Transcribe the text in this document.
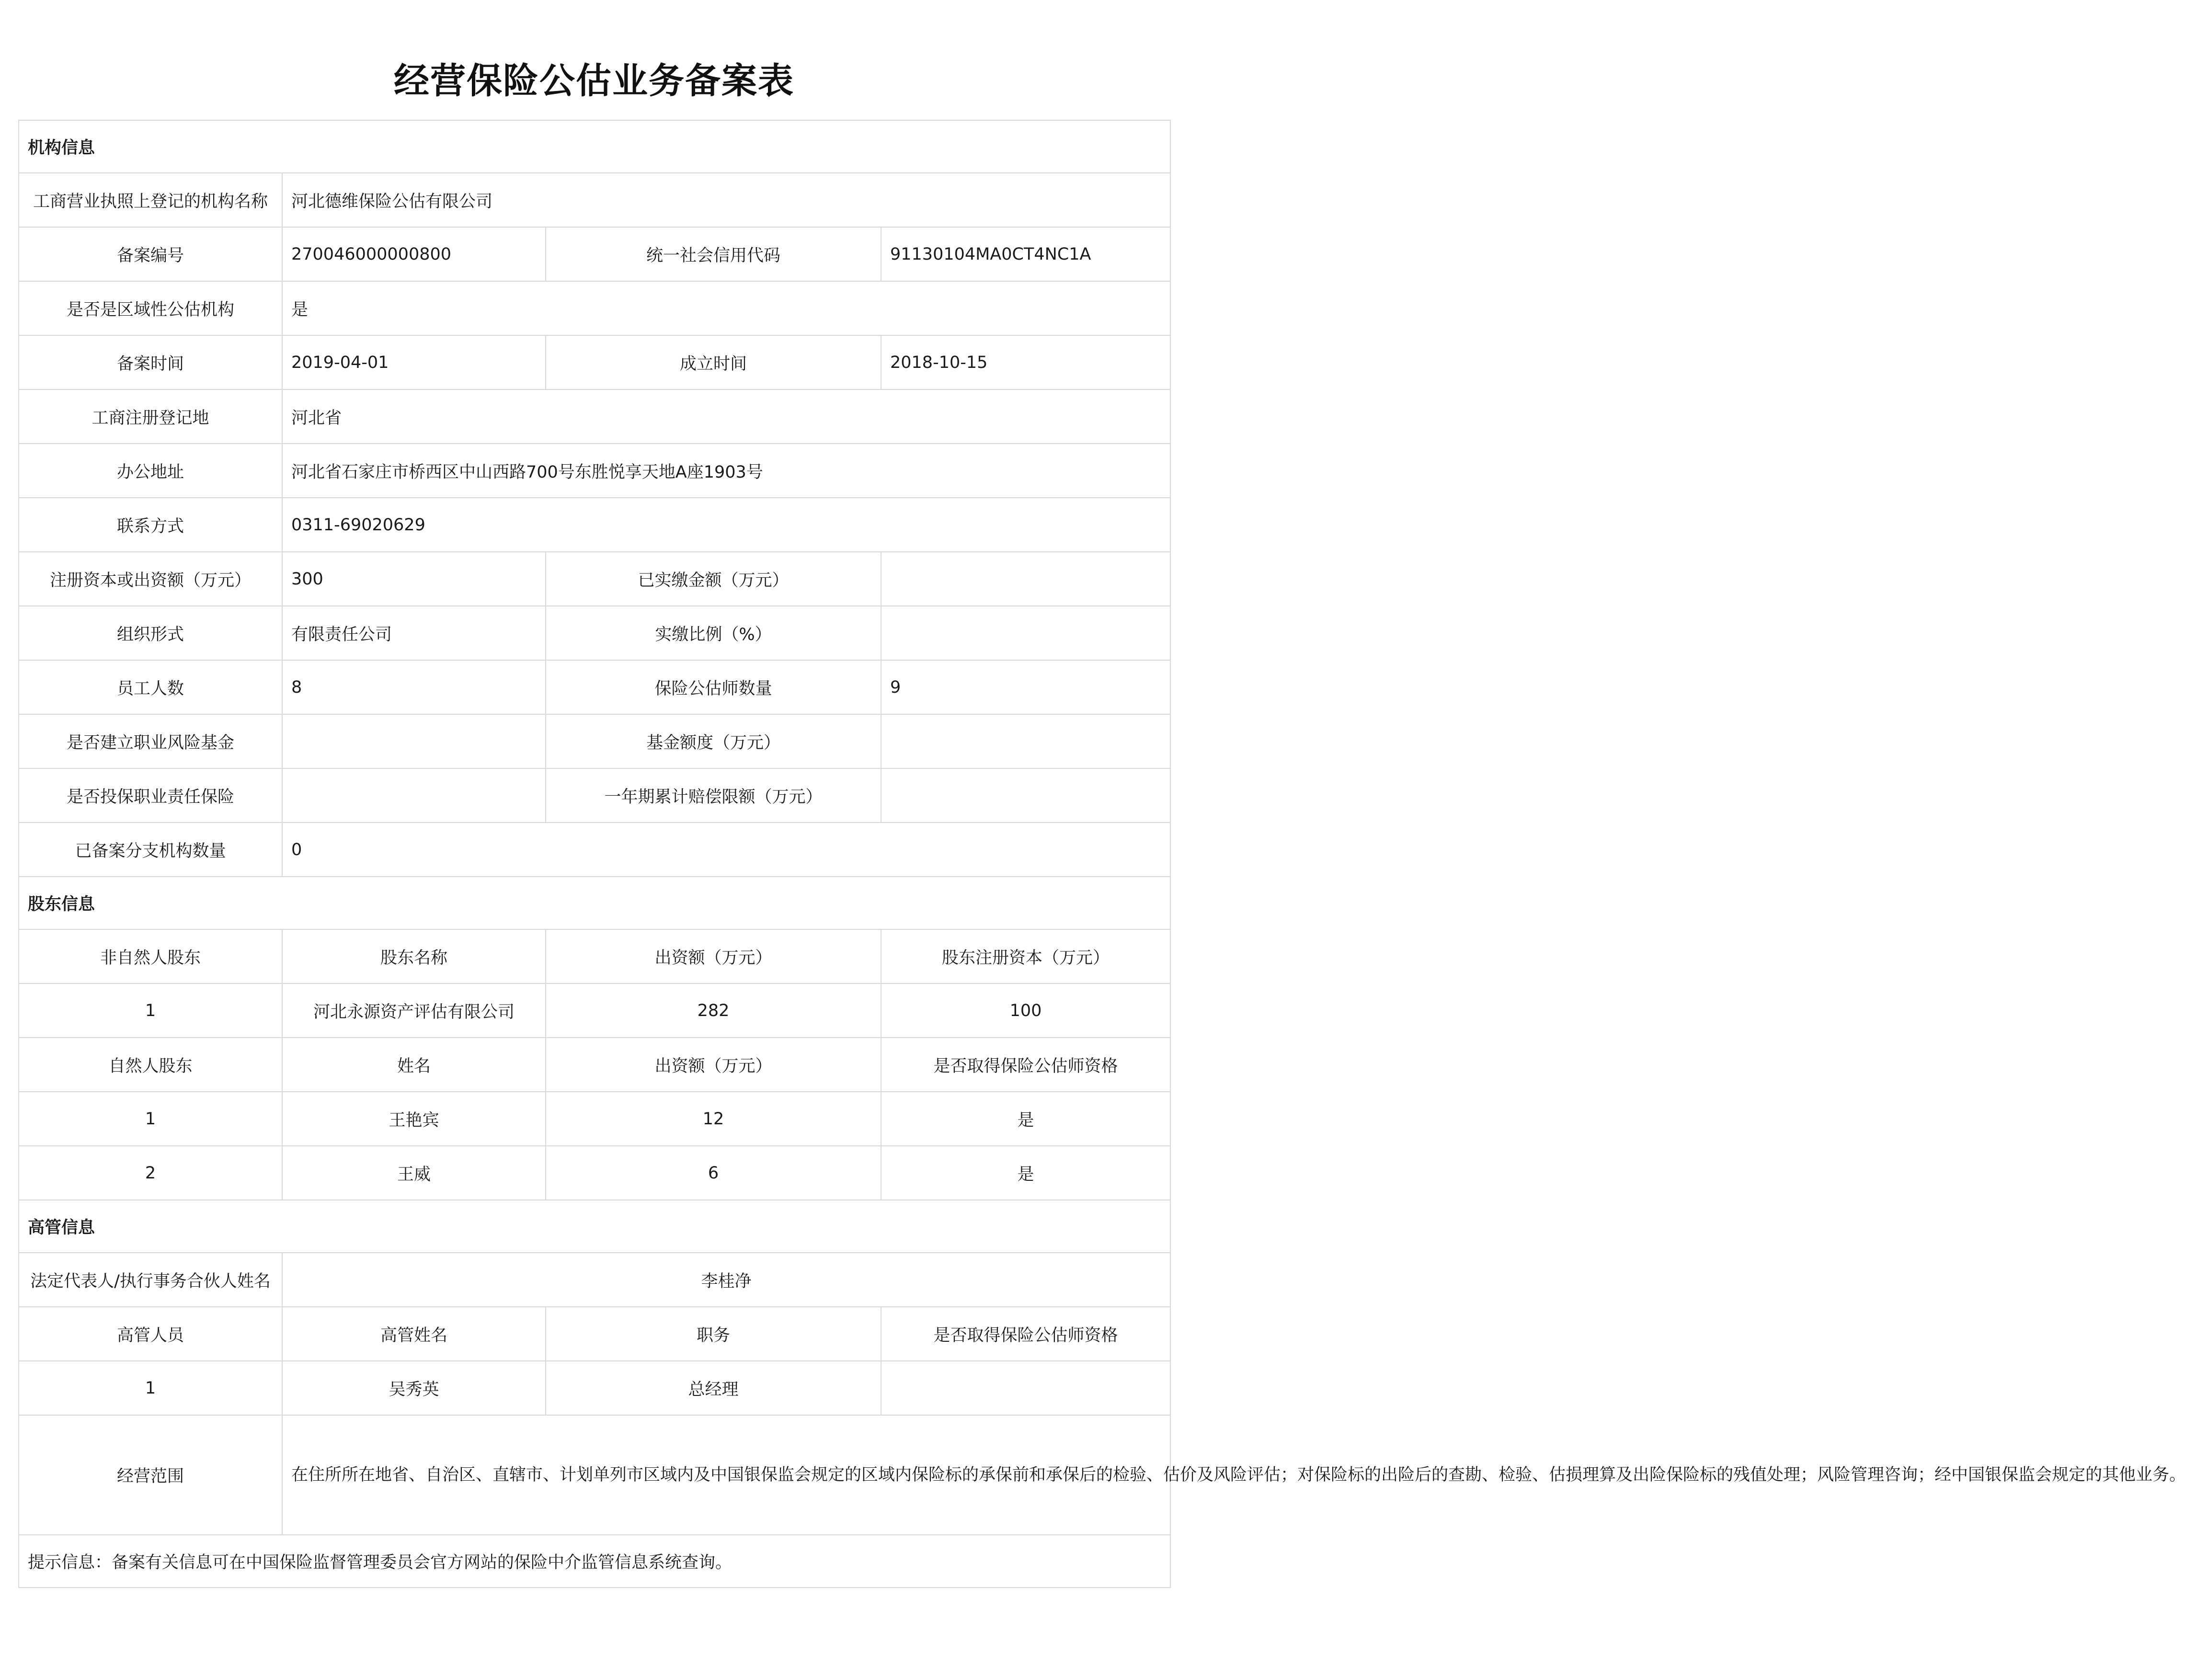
经营保险公估业务备案表
机构信息			
工商营业执照上登记的机构名称	河北德维保险公估有限公司		
备案编号	270046000000800	统一社会信用代码	91130104MA0CT4NC1A
是否是区域性公估机构	是		
备案时间	2019-04-01	成立时间	2018-10-15
工商注册登记地	河北省		
办公地址	河北省石家庄市桥西区中山西路700号东胜悦享天地A座1903号		
联系方式	0311-69020629		
注册资本或出资额（万元）	300	已实缴金额（万元）	
组织形式	有限责任公司	实缴比例（%）	
员工人数	8	保险公估师数量	9
是否建立职业风险基金		基金额度（万元）	
是否投保职业责任保险		一年期累计赔偿限额（万元）	
已备案分支机构数量	0		
股东信息			
非自然人股东	股东名称	出资额（万元）	股东注册资本（万元）
1	河北永源资产评估有限公司	282	100
自然人股东	姓名	出资额（万元）	是否取得保险公估师资格
1	王艳宾	12	是
2	王威	6	是
高管信息			
法定代表人/执行事务合伙人姓名	李桂净		
高管人员	高管姓名	职务	是否取得保险公估师资格
1	吴秀英	总经理	
经营范围	在住所所在地省、自治区、直辖市、计划单列市区域内及中国银保监会规定的区域内保险标的承保前和承保后的检验、估价及风险评估；对保险标的出险后的查勘、检验、估损理算及出险保险标的残值处理；风险管理咨询；经中国银保监会规定的其他业务。		
提示信息：备案有关信息可在中国保险监督管理委员会官方网站的保险中介监管信息系统查询。			
